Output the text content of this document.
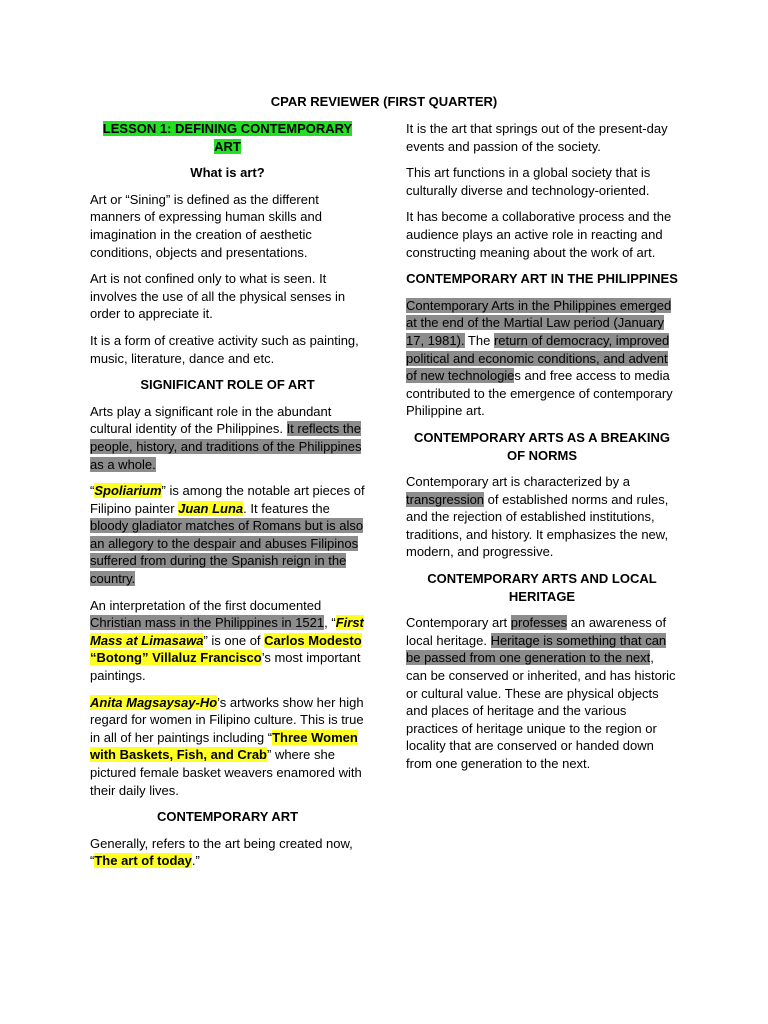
CPAR REVIEWER (FIRST QUARTER)

LESSON 1: DEFINING CONTEMPORARY ART

What is art?

Art or “Sining” is defined as the different manners of expressing human skills and imagination in the creation of aesthetic conditions, objects and presentations.

Art is not confined only to what is seen. It involves the use of all the physical senses in order to appreciate it.

It is a form of creative activity such as painting, music, literature, dance and etc.

SIGNIFICANT ROLE OF ART

Arts play a significant role in the abundant cultural identity of the Philippines. It reflects the people, history, and traditions of the Philippines as a whole.

“Spoliarium” is among the notable art pieces of Filipino painter Juan Luna. It features the bloody gladiator matches of Romans but is also an allegory to the despair and abuses Filipinos suffered from during the Spanish reign in the country.

An interpretation of the first documented Christian mass in the Philippines in 1521, “First Mass at Limasawa” is one of Carlos Modesto “Botong” Villaluz Francisco’s most important paintings.

Anita Magsaysay-Ho’s artworks show her high regard for women in Filipino culture. This is true in all of her paintings including “Three Women with Baskets, Fish, and Crab” where she pictured female basket weavers enamored with their daily lives.

CONTEMPORARY ART

Generally, refers to the art being created now, “The art of today.”

It is the art that springs out of the present-day events and passion of the society.

This art functions in a global society that is culturally diverse and technology-oriented.

It has become a collaborative process and the audience plays an active role in reacting and constructing meaning about the work of art.

CONTEMPORARY ART IN THE PHILIPPINES

Contemporary Arts in the Philippines emerged at the end of the Martial Law period (January 17, 1981). The return of democracy, improved political and economic conditions, and advent of new technologies and free access to media contributed to the emergence of contemporary Philippine art.

CONTEMPORARY ARTS AS A BREAKING OF NORMS

Contemporary art is characterized by a transgression of established norms and rules, and the rejection of established institutions, traditions, and history. It emphasizes the new, modern, and progressive.

CONTEMPORARY ARTS AND LOCAL HERITAGE

Contemporary art professes an awareness of local heritage. Heritage is something that can be passed from one generation to the next, can be conserved or inherited, and has historic or cultural value. These are physical objects and places of heritage and the various practices of heritage unique to the region or locality that are conserved or handed down from one generation to the next.
